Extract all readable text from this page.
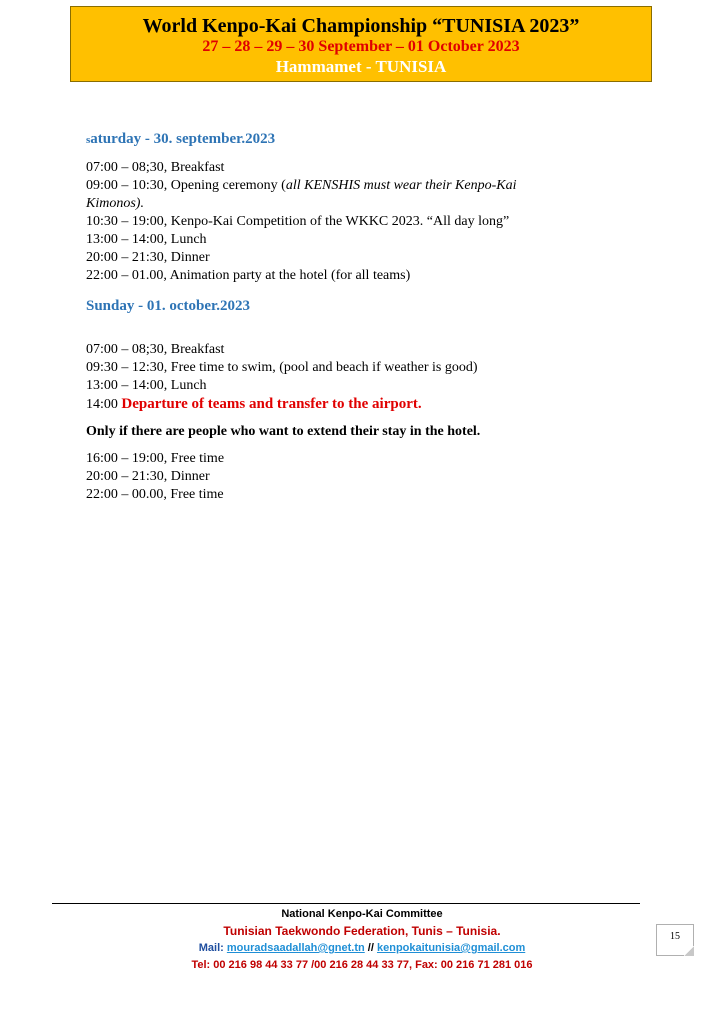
World Kenpo-Kai Championship “TUNISIA 2023”
27 – 28 – 29 – 30 September – 01 October 2023
Hammamet - TUNISIA

saturday - 30. september.2023

07:00 – 08;30, Breakfast

09:00 – 10:30, Opening ceremony (all KENSHIS must wear their Kenpo-Kai

Kimonos).

10:30 – 19:00, Kenpo-Kai Competition of the WKKC 2023. “All day long”

13:00 – 14:00, Lunch

20:00 – 21:30, Dinner

22:00 – 01.00, Animation party at the hotel (for all teams)

Sunday - 01. october.2023

07:00 – 08;30, Breakfast

09:30 – 12:30, Free time to swim, (pool and beach if weather is good)

13:00 – 14:00, Lunch

14:00 Departure of teams and transfer to the airport.

Only if there are people who want to extend their stay in the hotel.

16:00 – 19:00, Free time

20:00 – 21:30, Dinner

22:00 – 00.00, Free time

National Kenpo-Kai Committee
Tunisian Taekwondo Federation, Tunis – Tunisia.
Mail: mouradsaadallah@gnet.tn // kenpokaitunisia@gmail.com
Tel: 00 216 98 44 33 77 /00 216 28 44 33 77, Fax: 00 216 71 281 016
15
